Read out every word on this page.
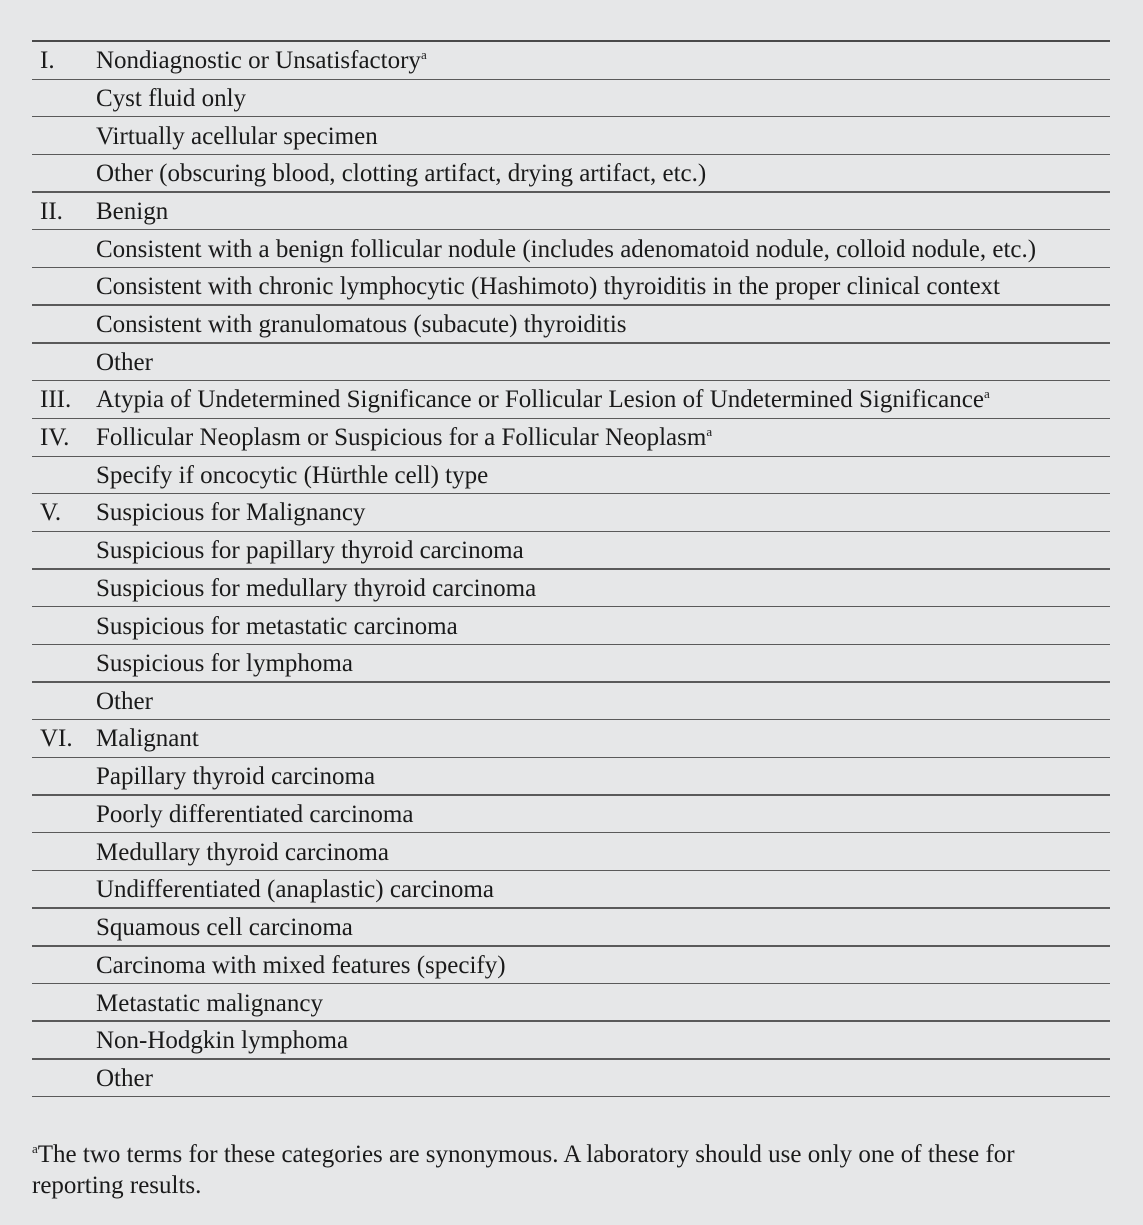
I.	Nondiagnostic or Unsatisfactory$^a$
Cyst fluid only
Virtually acellular specimen
Other (obscuring blood, clotting artifact, drying artifact, etc.)
II.	Benign
Consistent with a benign follicular nodule (includes adenomatoid nodule, colloid nodule, etc.)
Consistent with chronic lymphocytic (Hashimoto) thyroiditis in the proper clinical context
Consistent with granulomatous (subacute) thyroiditis
Other
III. Atypia of Undetermined Significance or Follicular Lesion of Undetermined Significance$^a$
IV.	Follicular Neoplasm or Suspicious for a Follicular Neoplasm$^a$
Specify if oncocytic (Hürthle cell) type
V.	Suspicious for Malignancy
Suspicious for papillary thyroid carcinoma
Suspicious for medullary thyroid carcinoma
Suspicious for metastatic carcinoma
Suspicious for lymphoma
Other
VI. Malignant
Papillary thyroid carcinoma
Poorly differentiated carcinoma
Medullary thyroid carcinoma
Undifferentiated (anaplastic) carcinoma
Squamous cell carcinoma
Carcinoma with mixed features (specify)
Metastatic malignancy
Non-Hodgkin lymphoma
Other
$^a$The two terms for these categories are synonymous. A laboratory should use only one of these for reporting results.
